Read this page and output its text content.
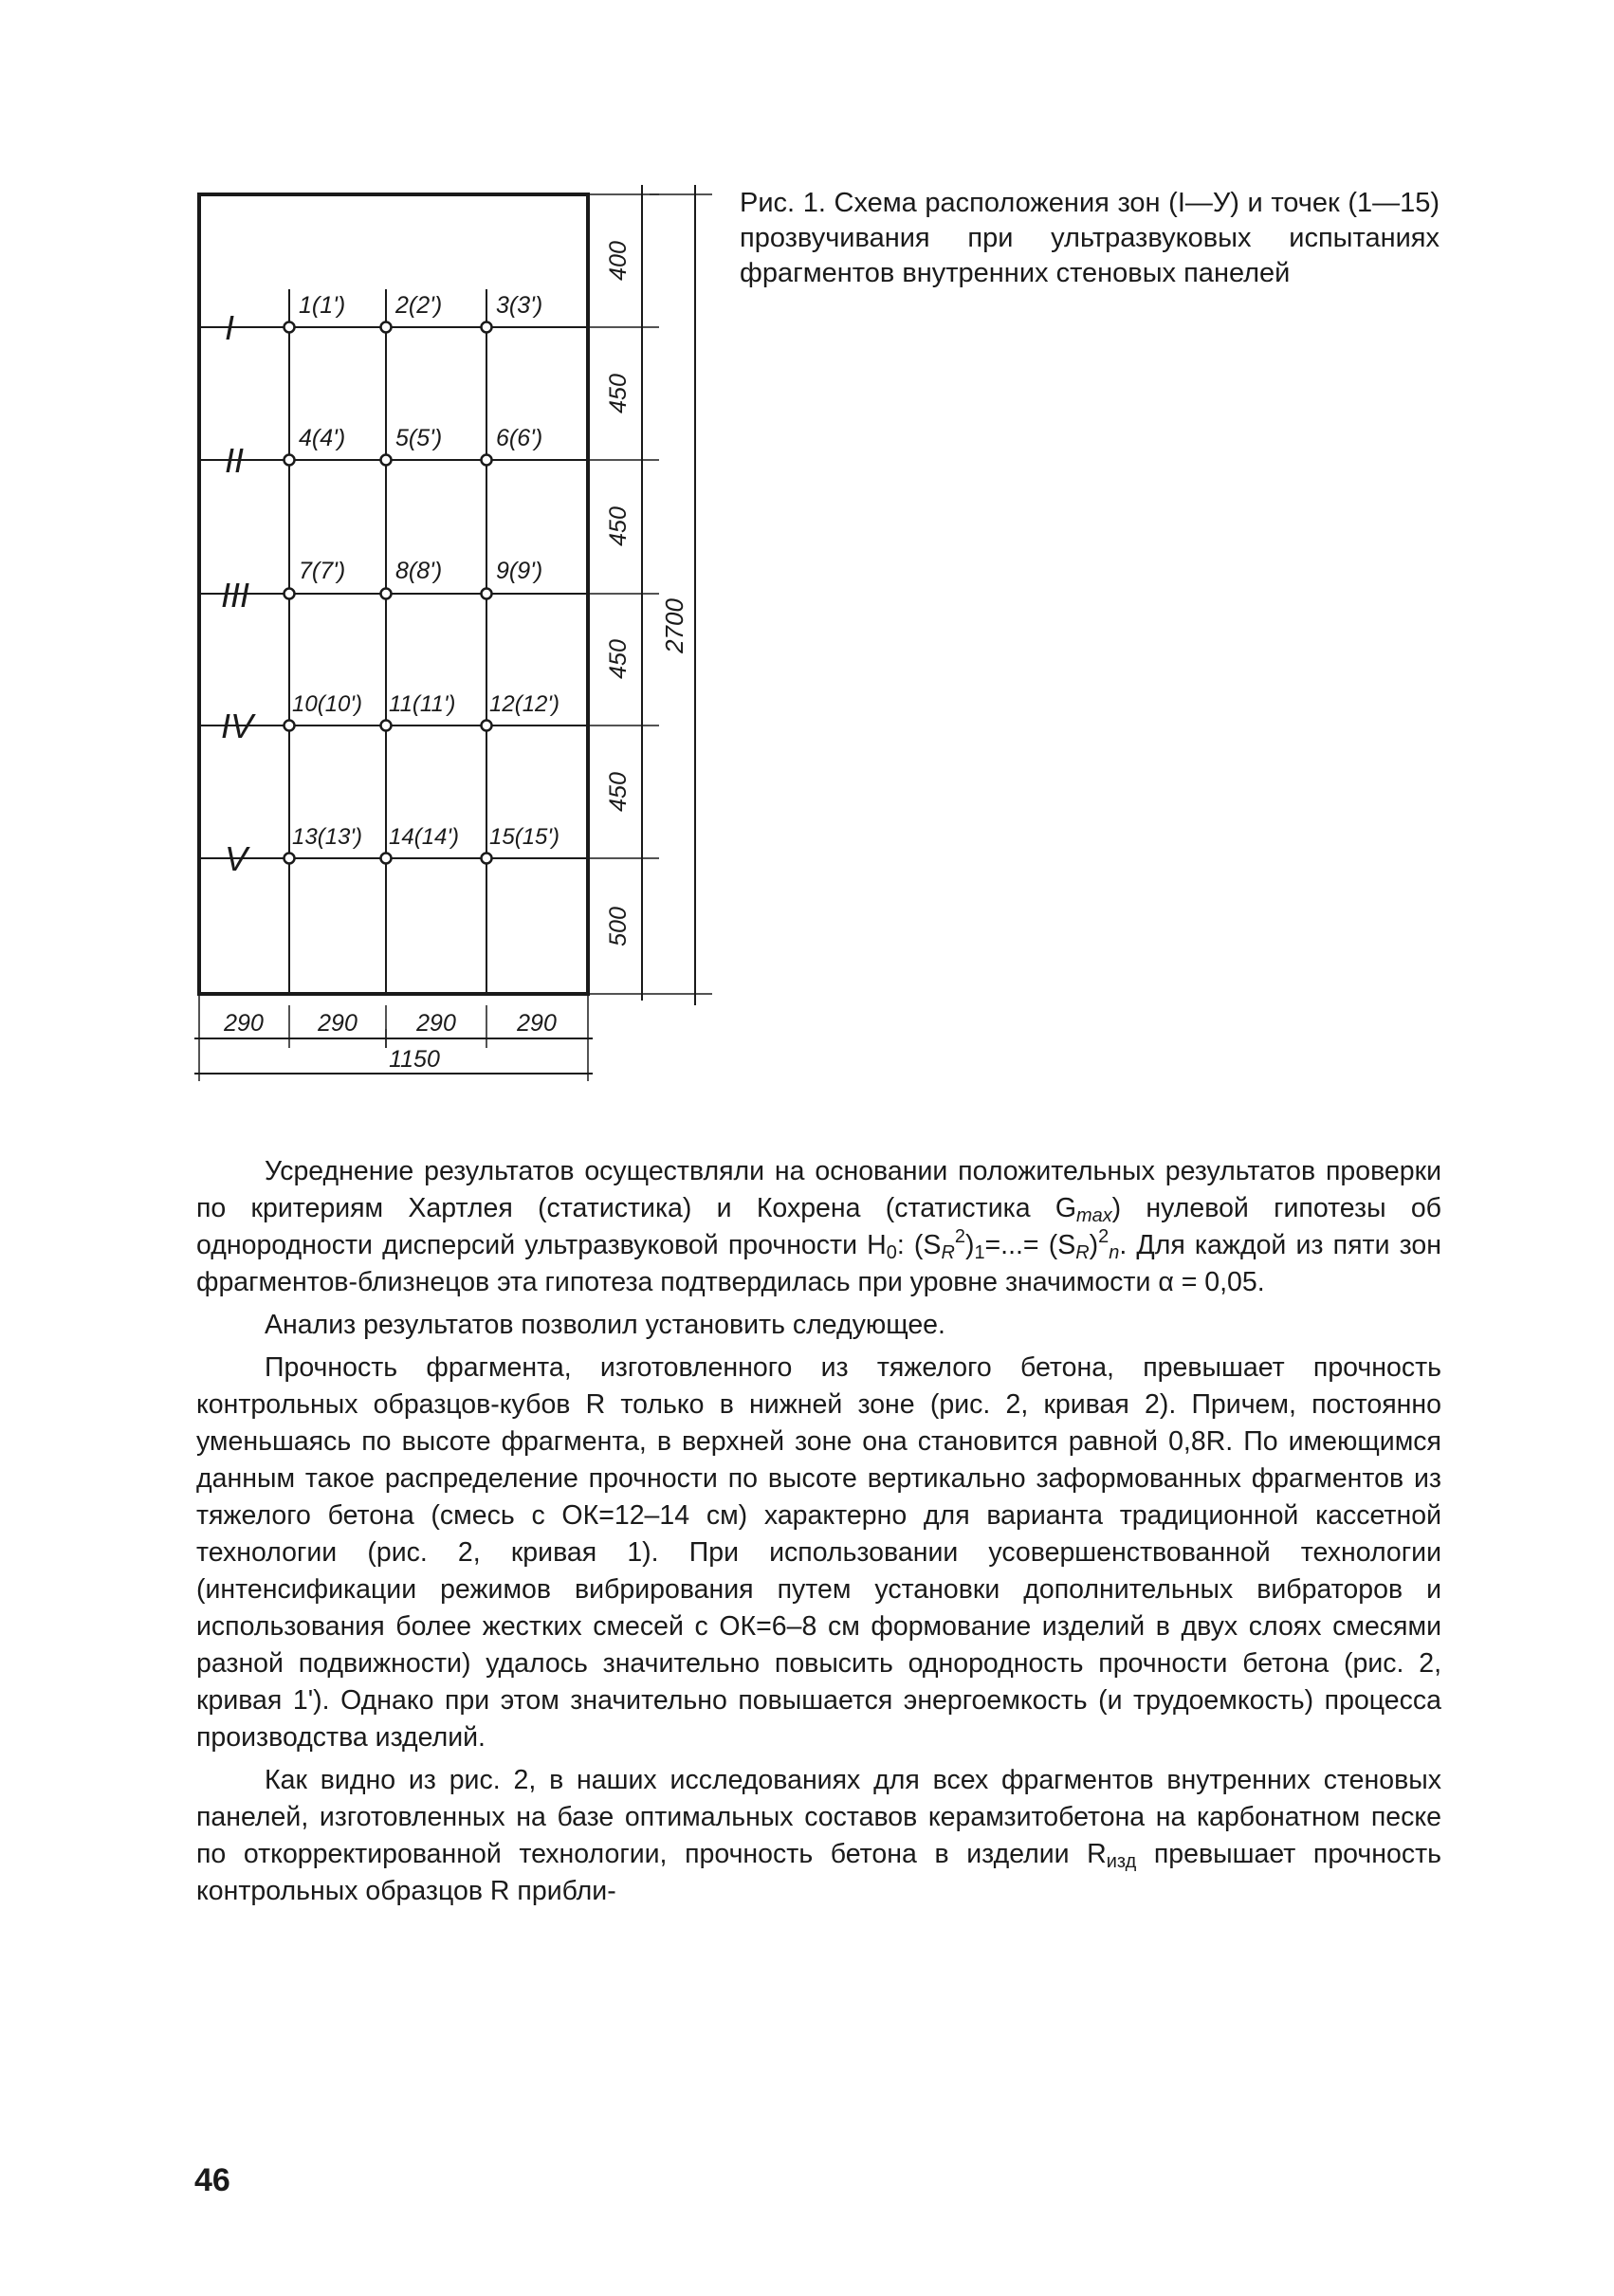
I
II
III
IV
V
1(1') 2(2') 3(3')
4(4') 5(5') 6(6')
7(7') 8(8') 9(9')
10(10') 11(11') 12(12')
13(13') 14(14') 15(15')
400
450
450
450
450
500
2700
290 290 290	290
1150

Рис. 1. Схема расположения зон (I—У) и точек (1—15) прозвучивания при ультразвуковых испытаниях фрагментов внутренних стеновых панелей

Усреднение результатов осуществляли на основании положительных результатов проверки по критериям Хартлея (статистика) и Кохрена (статистика $G_{max}$) нулевой гипотезы об однородности дисперсий ультразвуковой прочности $H_0$: $(S_R^2)_1=...= (S_R)^2_n$. Для каждой из пяти зон фрагментов-близнецов эта гипотеза подтвердилась при уровне значимости α = 0,05.

Анализ результатов позволил установить следующее.

Прочность фрагмента, изготовленного из тяжелого бетона, превышает прочность контрольных образцов-кубов R только в нижней зоне (рис. 2, кривая 2). Причем, постоянно уменьшаясь по высоте фрагмента, в верхней зоне она становится равной 0,8R. По имеющимся данным такое распределение прочности по высоте вертикально заформованных фрагментов из тяжелого бетона (смесь с ОК=12–14 см) характерно для варианта традиционной кассетной технологии (рис. 2, кривая 1). При использовании усовершенствованной технологии (интенсификации режимов вибрирования путем установки дополнительных вибраторов и использования более жестких смесей с ОК=6–8 см формование изделий в двух слоях смесями разной подвижности) удалось значительно повысить однородность прочности бетона (рис. 2, кривая 1'). Однако при этом значительно повышается энергоемкость (и трудоемкость) процесса производства изделий.

Как видно из рис. 2, в наших исследованиях для всех фрагментов внутренних стеновых панелей, изготовленных на базе оптимальных составов керамзитобетона на карбонатном песке по откорректированной технологии, прочность бетона в изделии $R_{изд}$ превышает прочность контрольных образцов R прибли-

46
